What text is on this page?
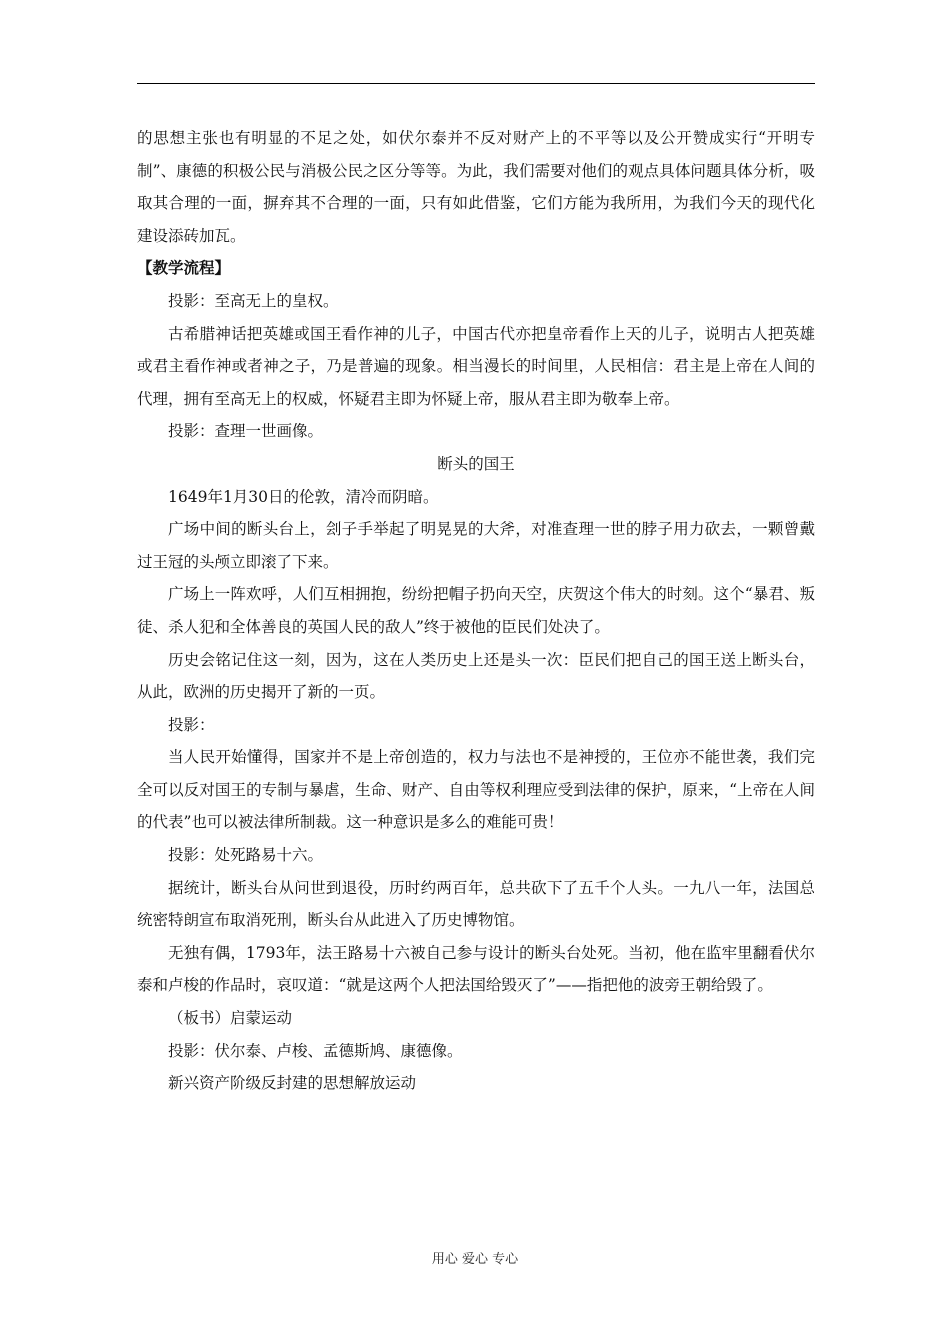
的思想主张也有明显的不足之处，如伏尔泰并不反对财产上的不平等以及公开赞成实行“开明专制”、康德的积极公民与消极公民之区分等等。为此，我们需要对他们的观点具体问题具体分析，吸取其合理的一面，摒弃其不合理的一面，只有如此借鉴，它们方能为我所用，为我们今天的现代化建设添砖加瓦。

【教学流程】

投影：至高无上的皇权。

古希腊神话把英雄或国王看作神的儿子，中国古代亦把皇帝看作上天的儿子，说明古人把英雄或君主看作神或者神之子，乃是普遍的现象。相当漫长的时间里，人民相信：君主是上帝在人间的代理，拥有至高无上的权威，怀疑君主即为怀疑上帝，服从君主即为敬奉上帝。

投影：查理一世画像。

断头的国王

1649年1月30日的伦敦，清冷而阴暗。

广场中间的断头台上，刽子手举起了明晃晃的大斧，对准查理一世的脖子用力砍去，一颗曾戴过王冠的头颅立即滚了下来。

广场上一阵欢呼，人们互相拥抱，纷纷把帽子扔向天空，庆贺这个伟大的时刻。这个“暴君、叛徒、杀人犯和全体善良的英国人民的敌人”终于被他的臣民们处决了。

历史会铭记住这一刻，因为，这在人类历史上还是头一次：臣民们把自己的国王送上断头台，从此，欧洲的历史揭开了新的一页。

投影：

当人民开始懂得，国家并不是上帝创造的，权力与法也不是神授的，王位亦不能世袭，我们完全可以反对国王的专制与暴虐，生命、财产、自由等权利理应受到法律的保护，原来，“上帝在人间的代表”也可以被法律所制裁。这一种意识是多么的难能可贵！

投影：处死路易十六。

据统计，断头台从问世到退役，历时约两百年，总共砍下了五千个人头。一九八一年，法国总统密特朗宣布取消死刑，断头台从此进入了历史博物馆。

无独有偶，1793年，法王路易十六被自己参与设计的断头台处死。当初，他在监牢里翻看伏尔泰和卢梭的作品时，哀叹道：“就是这两个人把法国给毁灭了”——指把他的波旁王朝给毁了。

（板书）启蒙运动

投影：伏尔泰、卢梭、孟德斯鸠、康德像。

新兴资产阶级反封建的思想解放运动

用心 爱心 专心
